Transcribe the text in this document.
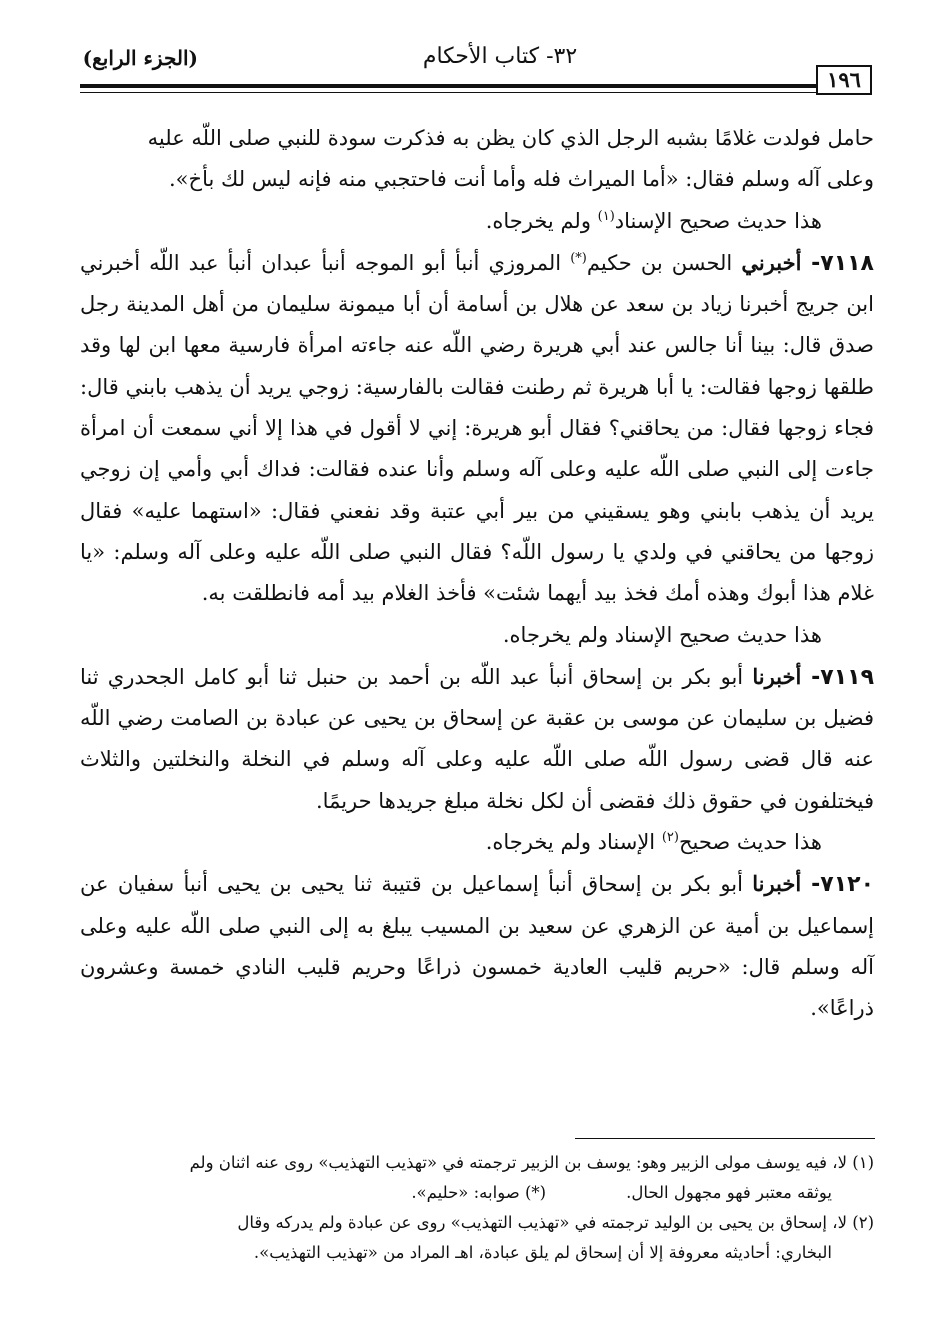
(الجزء الرابع)	٣٢- كتاب الأحكام
١٩٦

حامل فولدت غلامًا بشبه الرجل الذي كان يظن به فذكرت سودة للنبي صلى اللّه عليه

وعلى آله وسلم فقال: «أما الميراث فله وأما أنت فاحتجبي منه فإنه ليس لك بأخ».

هذا حديث صحيح الإسناد$^{(١)}$ ولم يخرجاه.

٧١١٨- أخبرني الحسن بن حكيم(*) المروزي أنبأ أبو الموجه أنبأ عبدان أنبأ عبد اللّه أخبرني ابن جريج أخبرنا زياد بن سعد عن هلال بن أسامة أن أبا ميمونة سليمان من أهل المدينة رجل صدق قال: بينا أنا جالس عند أبي هريرة رضي اللّه عنه جاءته امرأة فارسية معها ابن لها وقد طلقها زوجها فقالت: يا أبا هريرة ثم رطنت فقالت بالفارسية: زوجي يريد أن يذهب بابني قال: فجاء زوجها فقال: من يحاقني؟ فقال أبو هريرة: إني لا أقول في هذا إلا أني سمعت أن امرأة جاءت إلى النبي صلى اللّه عليه وعلى آله وسلم وأنا عنده فقالت: فداك أبي وأمي إن زوجي يريد أن يذهب بابني وهو يسقيني من بير أبي عتبة وقد نفعني فقال: «استهما عليه» فقال زوجها من يحاقني في ولدي يا رسول اللّه؟ فقال النبي صلى اللّه عليه وعلى آله وسلم: «يا غلام هذا أبوك وهذه أمك فخذ بيد أيهما شئت» فأخذ الغلام بيد أمه فانطلقت به.

هذا حديث صحيح الإسناد ولم يخرجاه.

٧١١٩- أخبرنا أبو بكر بن إسحاق أنبأ عبد اللّه بن أحمد بن حنبل ثنا أبو كامل الجحدري ثنا فضيل بن سليمان عن موسى بن عقبة عن إسحاق بن يحيى عن عبادة بن الصامت رضي اللّه عنه قال قضى رسول اللّه صلى اللّه عليه وعلى آله وسلم في النخلة والنخلتين والثلاث فيختلفون في حقوق ذلك فقضى أن لكل نخلة مبلغ جريدها حريمًا.

هذا حديث صحيح$^{(٢)}$ الإسناد ولم يخرجاه.

٧١٢٠- أخبرنا أبو بكر بن إسحاق أنبأ إسماعيل بن قتيبة ثنا يحيى بن يحيى أنبأ سفيان عن إسماعيل بن أمية عن الزهري عن سعيد بن المسيب يبلغ به إلى النبي صلى اللّه عليه وعلى آله وسلم قال: «حريم قليب العادية خمسون ذراعًا وحريم قليب النادي خمسة وعشرون ذراعًا».

(١) لا، فيه يوسف مولى الزبير وهو: يوسف بن الزبير ترجمته في «تهذيب التهذيب» روى عنه اثنان ولم

يوثقه معتبر فهو مجهول الحال.(*) صوابه: «حليم».

(٢) لا، إسحاق بن يحيى بن الوليد ترجمته في «تهذيب التهذيب» روى عن عبادة ولم يدركه وقال

البخاري: أحاديثه معروفة إلا أن إسحاق لم يلق عبادة، اهـ المراد من «تهذيب التهذيب».
